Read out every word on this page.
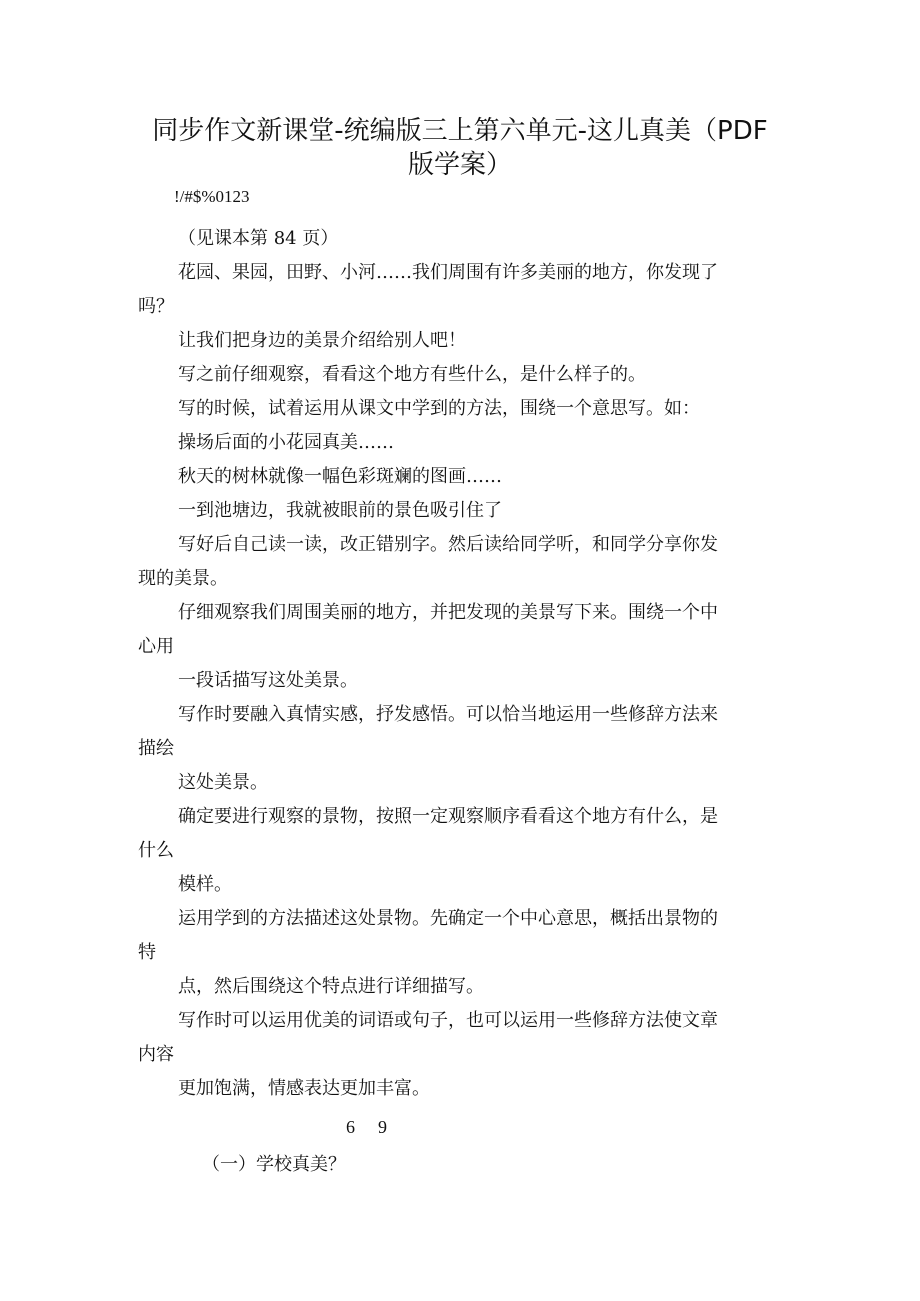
同步作文新课堂-统编版三上第六单元-这儿真美（PDF
版学案）
!/#$%0123
（见课本第 84 页）
花园、果园，田野、小河……我们周围有许多美丽的地方，你发现了
吗？
让我们把身边的美景介绍给别人吧！
写之前仔细观察，看看这个地方有些什么，是什么样子的。
写的时候，试着运用从课文中学到的方法，围绕一个意思写。如：
操场后面的小花园真美……
秋天的树林就像一幅色彩斑斓的图画……
一到池塘边，我就被眼前的景色吸引住了
写好后自己读一读，改正错别字。然后读给同学听，和同学分享你发
现的美景。
仔细观察我们周围美丽的地方，并把发现的美景写下来。围绕一个中
心用
一段话描写这处美景。
写作时要融入真情实感，抒发感悟。可以恰当地运用一些修辞方法来
描绘
这处美景。
确定要进行观察的景物，按照一定观察顺序看看这个地方有什么，是
什么
模样。
运用学到的方法描述这处景物。先确定一个中心意思，概括出景物的
特
点，然后围绕这个特点进行详细描写。
写作时可以运用优美的词语或句子，也可以运用一些修辞方法使文章
内容
更加饱满，情感表达更加丰富。
6 9
（一）学校真美？
